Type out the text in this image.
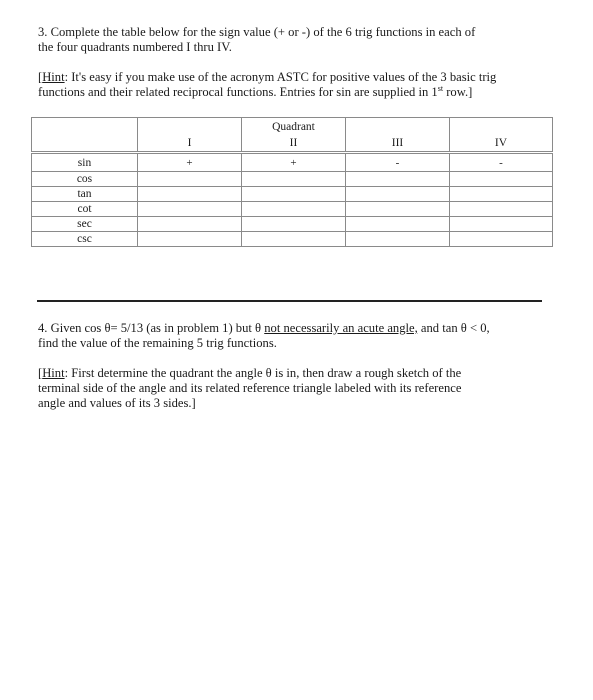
3. Complete the table below for the sign value (+ or -) of the 6 trig functions in each of
the four quadrants numbered I thru IV.
[Hint: It's easy if you make use of the acronym ASTC for positive values of the 3 basic trig
functions and their related reciprocal functions. Entries for sin are supplied in 1st row.]
		Quadrant		
	I	II	III	IV
sin	+	+	-	-
cos				
tan				
cot				
sec				
csc				
4. Given cos θ= 5/13 (as in problem 1) but θ not necessarily an acute angle, and tan θ < 0,
find the value of the remaining 5 trig functions.
[Hint: First determine the quadrant the angle θ is in, then draw a rough sketch of the
terminal side of the angle and its related reference triangle labeled with its reference
angle and values of its 3 sides.]
